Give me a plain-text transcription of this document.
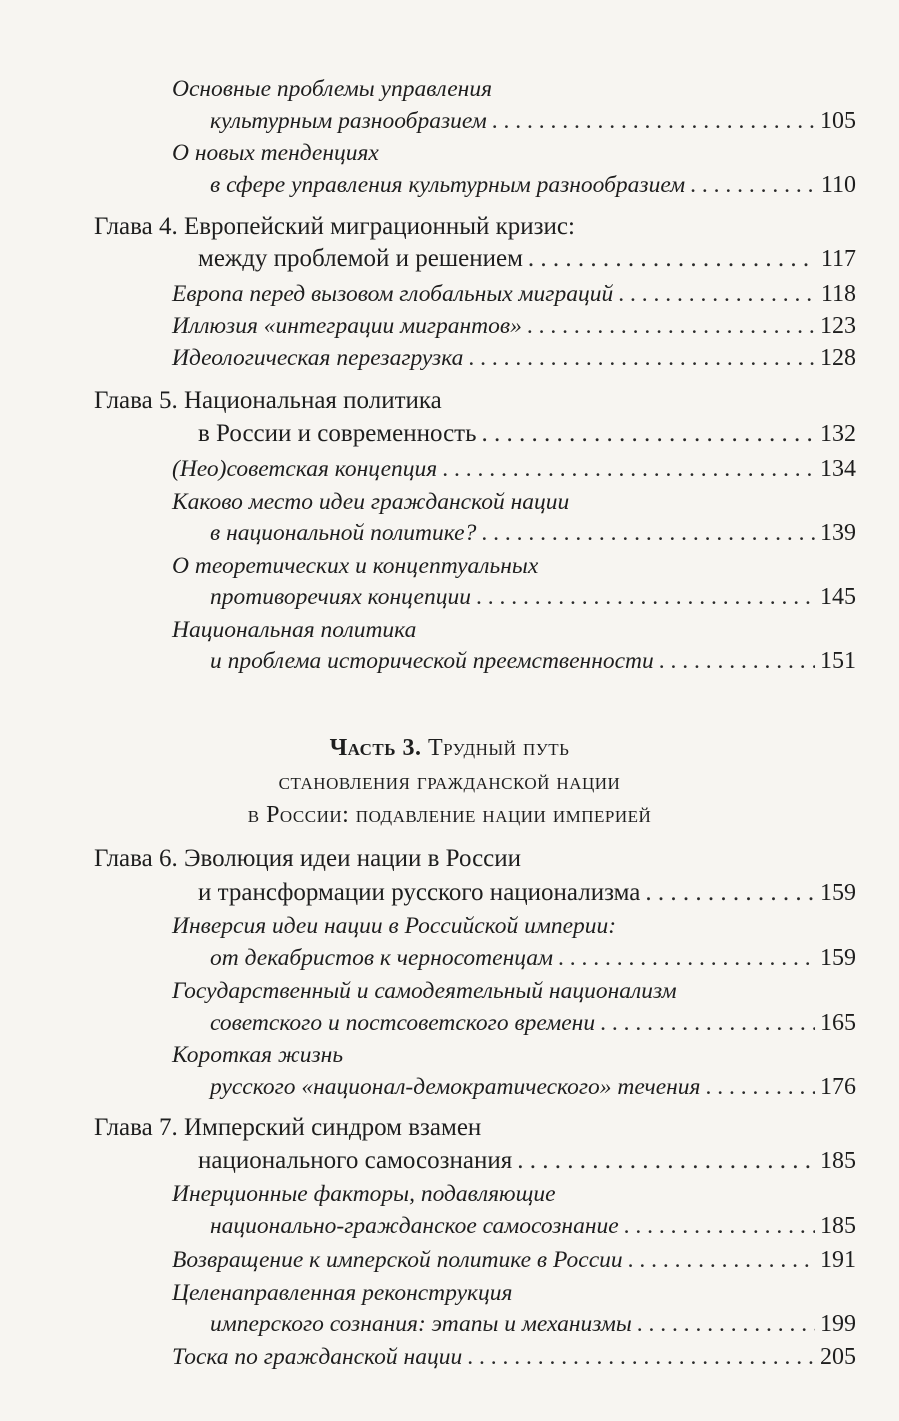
Основные проблемы управления
культурным разнообразием . . .	105
О новых тенденциях
в сфере управления культурным разнообразием . . .	110
Глава 4. Европейский миграционный кризис:
между проблемой и решением . . .	117
Европа перед вызовом глобальных миграций . . .	118
Иллюзия «интеграции мигрантов» . . .	123
Идеологическая перезагрузка . . .	128
Глава 5. Национальная политика
в России и современность . . .	132
(Нео)советская концепция . . .	134
Каково место идеи гражданской нации
в национальной политике? . . .	139
О теоретических и концептуальных
противоречиях концепции . . .	145
Национальная политика
и проблема исторической преемственности . . .	151
Часть 3. Трудный путь
становления гражданской нации
в России: подавление нации империей
Глава 6. Эволюция идеи нации в России
и трансформации русского национализма . . .	159
Инверсия идеи нации в Российской империи:
от декабристов к черносотенцам . . .	159
Государственный и самодеятельный национализм
советского и постсоветского времени . . .	165
Короткая жизнь
русского «национал-демократического» течения . . .	176
Глава 7. Имперский синдром взамен
национального самосознания . . .	185
Инерционные факторы, подавляющие
национально-гражданское самосознание . . .	185
Возвращение к имперской политике в России . . .	191
Целенаправленная реконструкция
имперского сознания: этапы и механизмы . . .	199
Тоска по гражданской нации . . .	205
